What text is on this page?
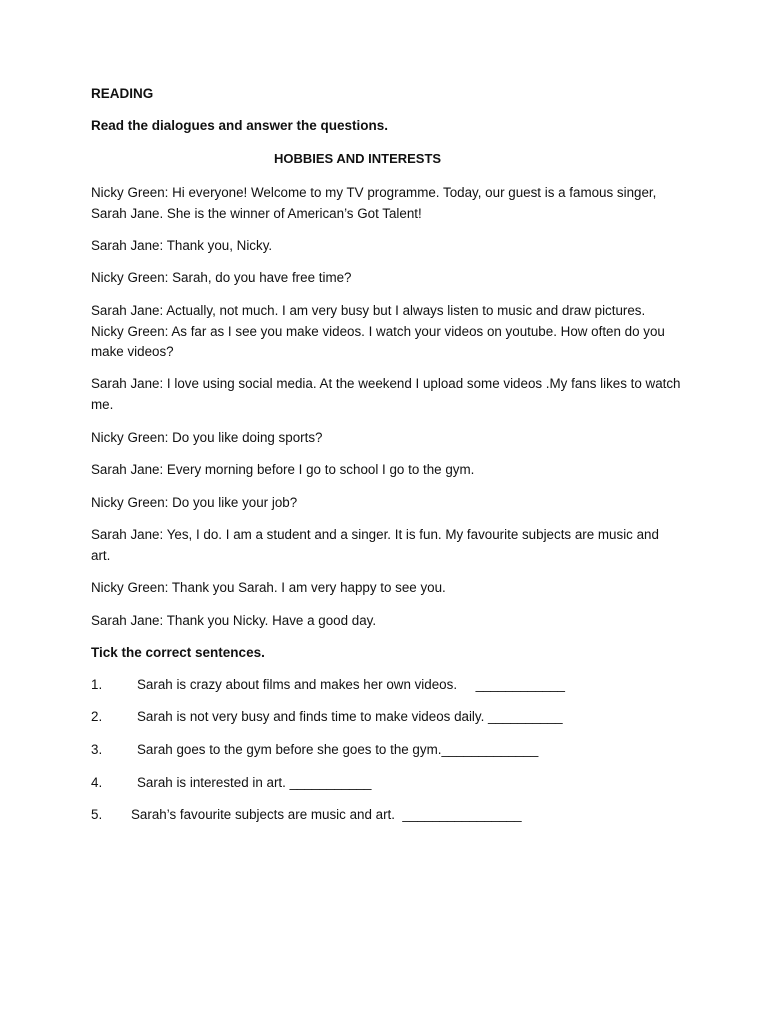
READING
Read the dialogues and answer the questions.
HOBBIES AND INTERESTS
Nicky Green: Hi everyone! Welcome to my TV programme. Today, our guest is a famous singer, Sarah Jane. She is the winner of American’s Got Talent!
Sarah Jane: Thank you, Nicky.
Nicky Green: Sarah, do you have free time?
Sarah Jane: Actually, not much. I am very busy but I always listen to music and draw pictures. Nicky Green: As far as I see you make videos. I watch your videos on youtube. How often do you make videos?
Sarah Jane: I love using social media. At the weekend I upload some videos .My fans likes to watch me.
Nicky Green: Do you like doing sports?
Sarah Jane: Every morning before I go to school I go to the gym.
Nicky Green: Do you like your job?
Sarah Jane: Yes, I do. I am a student and a singer. It is fun. My favourite subjects are music and art.
Nicky Green: Thank you Sarah. I am very happy to see you.
Sarah Jane: Thank you Nicky. Have a good day.
Tick the correct sentences.
1.	Sarah is crazy about films and makes her own videos.     ____________
2.	Sarah is not very busy and finds time to make videos daily. __________
3.	Sarah goes to the gym before she goes to the gym._____________
4.	Sarah is interested in art. ___________
5. Sarah’s favourite subjects are music and art.  ________________
